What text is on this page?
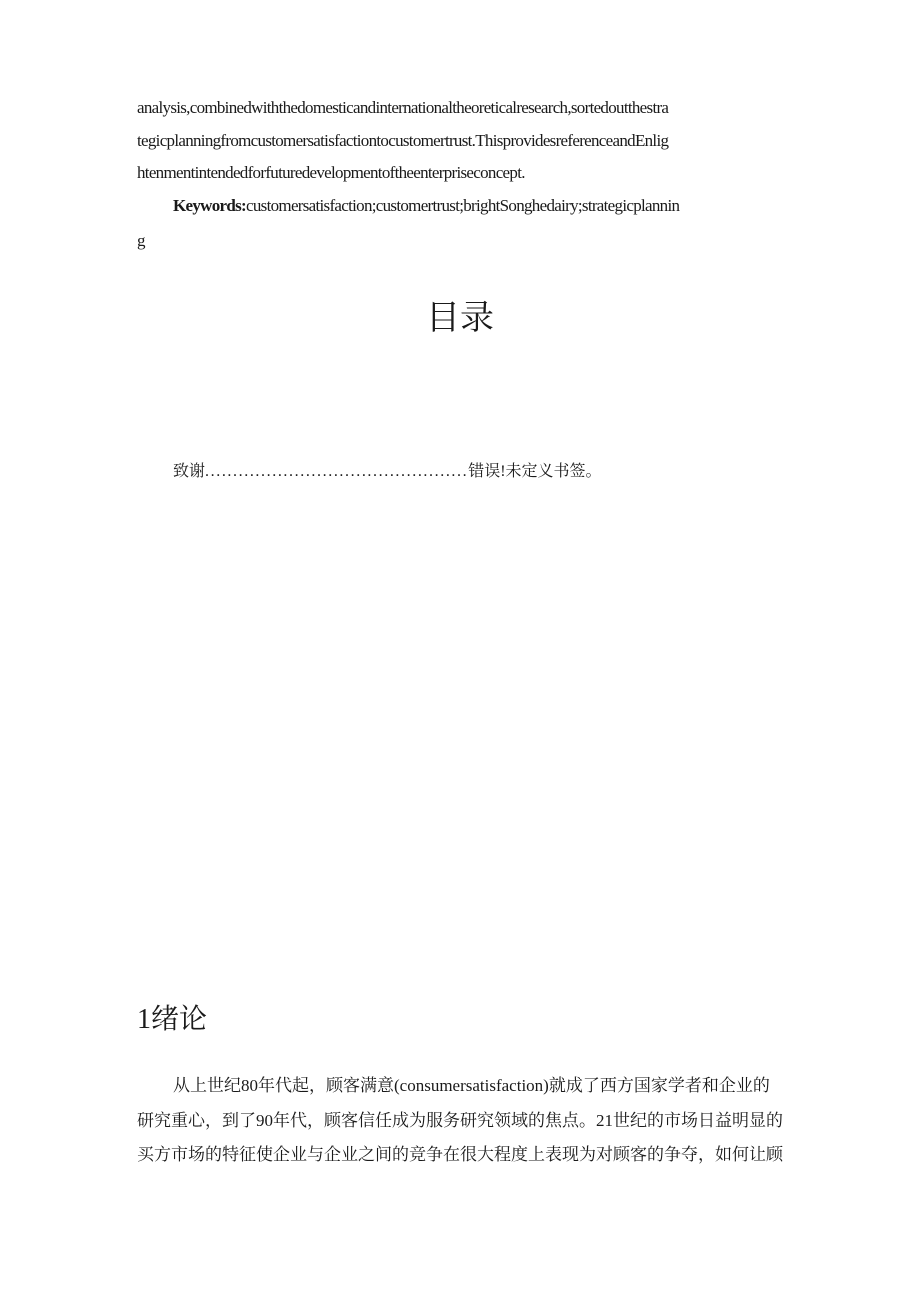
analysis,combinedwiththedomesticandinternationaltheoreticalresearch,sortedoutthestra
tegicplanningfromcustomersatisfactiontocustomertrust.ThisprovidesreferenceandEnlig
htenmentintendedforfuturedevelopmentoftheenterpriseconcept.
Keywords:customersatisfaction;customertrust;brightSonghedairy;strategicplannin
g
目录
致谢...............................................错误!未定义书签。
1绪论
从上世纪80年代起，顾客满意(consumersatisfaction)就成了西方国家学者和企业的
研究重心，到了90年代，顾客信任成为服务研究领域的焦点。21世纪的市场日益明显的
买方市场的特征使企业与企业之间的竞争在很大程度上表现为对顾客的争夺，如何让顾
